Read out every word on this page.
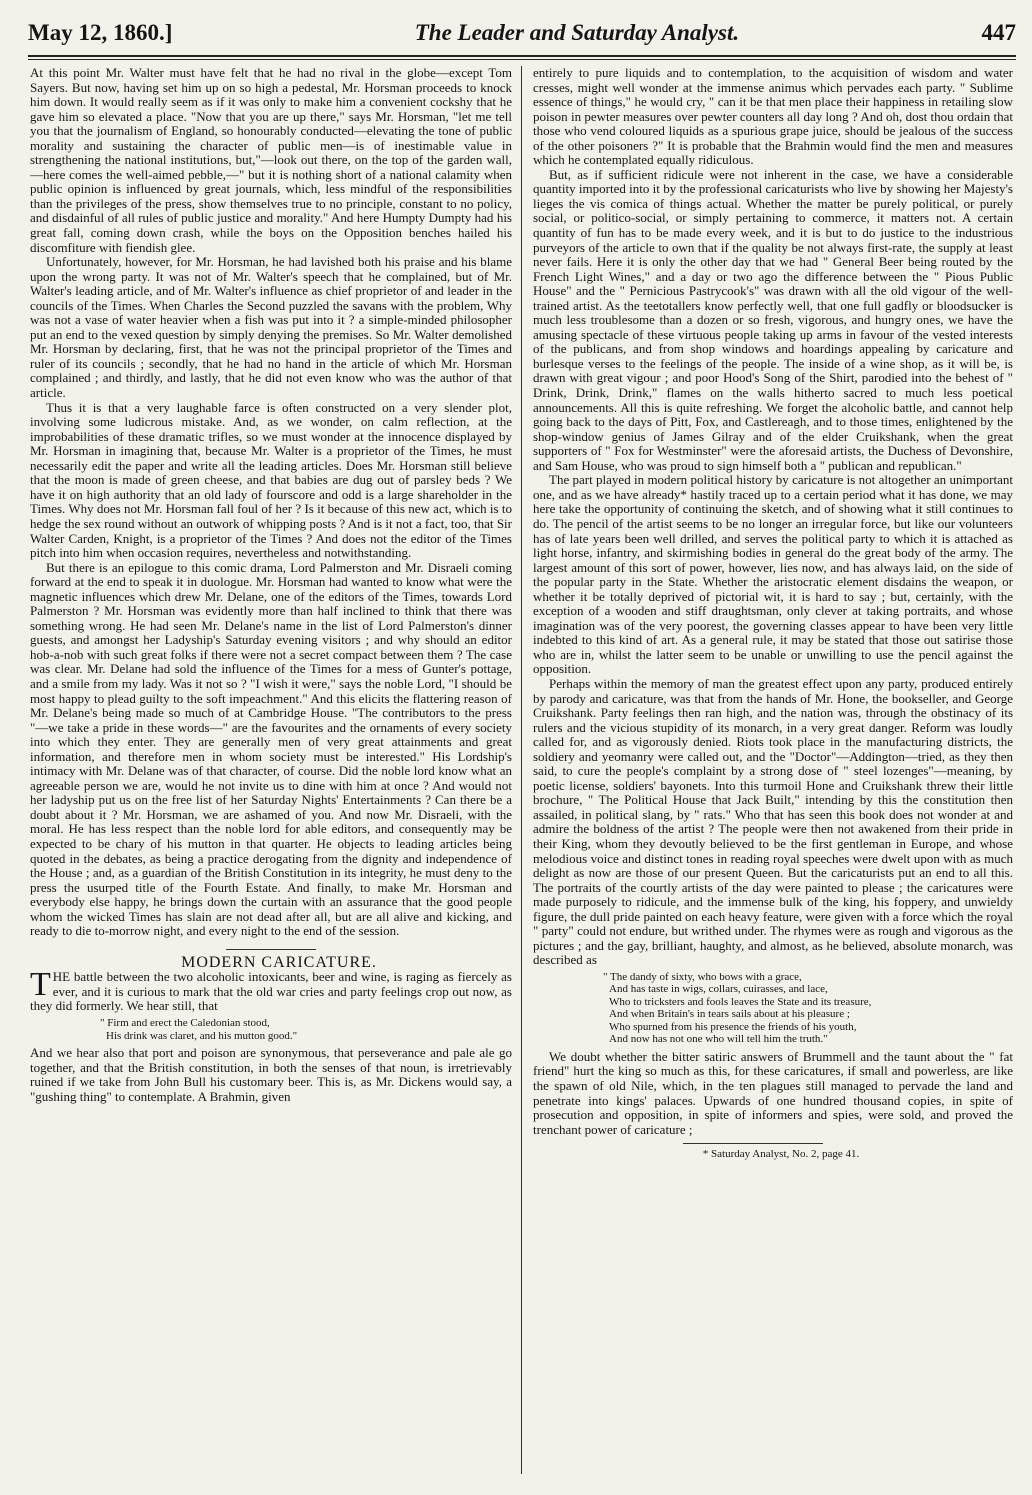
May 12, 1860.]	The Leader and Saturday Analyst.	447

At this point Mr. Walter must have felt that he had no rival in the globe—except Tom Sayers. But now, having set him up on so high a pedestal, Mr. Horsman proceeds to knock him down. It would really seem as if it was only to make him a convenient cockshy that he gave him so elevated a place. "Now that you are up there," says Mr. Horsman, "let me tell you that the journalism of England, so honourably conducted—elevating the tone of public morality and sustaining the character of public men—is of inestimable value in strengthening the national institutions, but,"—look out there, on the top of the garden wall,—here comes the well-aimed pebble,—" but it is nothing short of a national calamity when public opinion is influenced by great journals, which, less mindful of the responsibilities than the privileges of the press, show themselves true to no principle, constant to no policy, and disdainful of all rules of public justice and morality." And here Humpty Dumpty had his great fall, coming down crash, while the boys on the Opposition benches hailed his discomfiture with fiendish glee.

Unfortunately, however, for Mr. Horsman, he had lavished both his praise and his blame upon the wrong party. It was not of Mr. Walter's speech that he complained, but of Mr. Walter's leading article, and of Mr. Walter's influence as chief proprietor of and leader in the councils of the Times. When Charles the Second puzzled the savans with the problem, Why was not a vase of water heavier when a fish was put into it ? a simple-minded philosopher put an end to the vexed question by simply denying the premises. So Mr. Walter demolished Mr. Horsman by declaring, first, that he was not the principal proprietor of the Times and ruler of its councils ; secondly, that he had no hand in the article of which Mr. Horsman complained ; and thirdly, and lastly, that he did not even know who was the author of that article.

Thus it is that a very laughable farce is often constructed on a very slender plot, involving some ludicrous mistake. And, as we wonder, on calm reflection, at the improbabilities of these dramatic trifles, so we must wonder at the innocence displayed by Mr. Horsman in imagining that, because Mr. Walter is a proprietor of the Times, he must necessarily edit the paper and write all the leading articles. Does Mr. Horsman still believe that the moon is made of green cheese, and that babies are dug out of parsley beds ? We have it on high authority that an old lady of fourscore and odd is a large shareholder in the Times. Why does not Mr. Horsman fall foul of her ? Is it because of this new act, which is to hedge the sex round without an outwork of whipping posts ? And is it not a fact, too, that Sir Walter Carden, Knight, is a proprietor of the Times ? And does not the editor of the Times pitch into him when occasion requires, nevertheless and notwithstanding.

But there is an epilogue to this comic drama, Lord Palmerston and Mr. Disraeli coming forward at the end to speak it in duologue. Mr. Horsman had wanted to know what were the magnetic influences which drew Mr. Delane, one of the editors of the Times, towards Lord Palmerston ? Mr. Horsman was evidently more than half inclined to think that there was something wrong. He had seen Mr. Delane's name in the list of Lord Palmerston's dinner guests, and amongst her Ladyship's Saturday evening visitors ; and why should an editor hob-a-nob with such great folks if there were not a secret compact between them ? The case was clear. Mr. Delane had sold the influence of the Times for a mess of Gunter's pottage, and a smile from my lady. Was it not so ? "I wish it were," says the noble Lord, "I should be most happy to plead guilty to the soft impeachment." And this elicits the flattering reason of Mr. Delane's being made so much of at Cambridge House. "The contributors to the press "—we take a pride in these words—" are the favourites and the ornaments of every society into which they enter. They are generally men of very great attainments and great information, and therefore men in whom society must be interested." His Lordship's intimacy with Mr. Delane was of that character, of course. Did the noble lord know what an agreeable person we are, would he not invite us to dine with him at once ? And would not her ladyship put us on the free list of her Saturday Nights' Entertainments ? Can there be a doubt about it ? Mr. Horsman, we are ashamed of you. And now Mr. Disraeli, with the moral. He has less respect than the noble lord for able editors, and consequently may be expected to be chary of his mutton in that quarter. He objects to leading articles being quoted in the debates, as being a practice derogating from the dignity and independence of the House ; and, as a guardian of the British Constitution in its integrity, he must deny to the press the usurped title of the Fourth Estate. And finally, to make Mr. Horsman and everybody else happy, he brings down the curtain with an assurance that the good people whom the wicked Times has slain are not dead after all, but are all alive and kicking, and ready to die to-morrow night, and every night to the end of the session.

MODERN CARICATURE.

THE battle between the two alcoholic intoxicants, beer and wine, is raging as fiercely as ever, and it is curious to mark that the old war cries and party feelings crop out now, as they did formerly. We hear still, that

" Firm and erect the Caledonian stood,
His drink was claret, and his mutton good."

And we hear also that port and poison are synonymous, that perseverance and pale ale go together, and that the British constitution, in both the senses of that noun, is irretrievably ruined if we take from John Bull his customary beer. This is, as Mr. Dickens would say, a "gushing thing" to contemplate. A Brahmin, given

entirely to pure liquids and to contemplation, to the acquisition of wisdom and water cresses, might well wonder at the immense animus which pervades each party. " Sublime essence of things," he would cry, " can it be that men place their happiness in retailing slow poison in pewter measures over pewter counters all day long ? And oh, dost thou ordain that those who vend coloured liquids as a spurious grape juice, should be jealous of the success of the other poisoners ?" It is probable that the Brahmin would find the men and measures which he contemplated equally ridiculous.

But, as if sufficient ridicule were not inherent in the case, we have a considerable quantity imported into it by the professional caricaturists who live by showing her Majesty's lieges the vis comica of things actual. Whether the matter be purely political, or purely social, or politico-social, or simply pertaining to commerce, it matters not. A certain quantity of fun has to be made every week, and it is but to do justice to the industrious purveyors of the article to own that if the quality be not always first-rate, the supply at least never fails. Here it is only the other day that we had " General Beer being routed by the French Light Wines," and a day or two ago the difference between the " Pious Public House" and the " Pernicious Pastrycook's" was drawn with all the old vigour of the well-trained artist. As the teetotallers know perfectly well, that one full gadfly or bloodsucker is much less troublesome than a dozen or so fresh, vigorous, and hungry ones, we have the amusing spectacle of these virtuous people taking up arms in favour of the vested interests of the publicans, and from shop windows and hoardings appealing by caricature and burlesque verses to the feelings of the people. The inside of a wine shop, as it will be, is drawn with great vigour ; and poor Hood's Song of the Shirt, parodied into the behest of " Drink, Drink, Drink," flames on the walls hitherto sacred to much less poetical announcements. All this is quite refreshing. We forget the alcoholic battle, and cannot help going back to the days of Pitt, Fox, and Castlereagh, and to those times, enlightened by the shop-window genius of James Gilray and of the elder Cruikshank, when the great supporters of " Fox for Westminster" were the aforesaid artists, the Duchess of Devonshire, and Sam House, who was proud to sign himself both a " publican and republican."

The part played in modern political history by caricature is not altogether an unimportant one, and as we have already* hastily traced up to a certain period what it has done, we may here take the opportunity of continuing the sketch, and of showing what it still continues to do. The pencil of the artist seems to be no longer an irregular force, but like our volunteers has of late years been well drilled, and serves the political party to which it is attached as light horse, infantry, and skirmishing bodies in general do the great body of the army. The largest amount of this sort of power, however, lies now, and has always laid, on the side of the popular party in the State. Whether the aristocratic element disdains the weapon, or whether it be totally deprived of pictorial wit, it is hard to say ; but, certainly, with the exception of a wooden and stiff draughtsman, only clever at taking portraits, and whose imagination was of the very poorest, the governing classes appear to have been very little indebted to this kind of art. As a general rule, it may be stated that those out satirise those who are in, whilst the latter seem to be unable or unwilling to use the pencil against the opposition.

Perhaps within the memory of man the greatest effect upon any party, produced entirely by parody and caricature, was that from the hands of Mr. Hone, the bookseller, and George Cruikshank. Party feelings then ran high, and the nation was, through the obstinacy of its rulers and the vicious stupidity of its monarch, in a very great danger. Reform was loudly called for, and as vigorously denied. Riots took place in the manufacturing districts, the soldiery and yeomanry were called out, and the "Doctor"—Addington—tried, as they then said, to cure the people's complaint by a strong dose of " steel lozenges"—meaning, by poetic license, soldiers' bayonets. Into this turmoil Hone and Cruikshank threw their little brochure, " The Political House that Jack Built," intending by this the constitution then assailed, in political slang, by " rats." Who that has seen this book does not wonder at and admire the boldness of the artist ? The people were then not awakened from their pride in their King, whom they devoutly believed to be the first gentleman in Europe, and whose melodious voice and distinct tones in reading royal speeches were dwelt upon with as much delight as now are those of our present Queen. But the caricaturists put an end to all this. The portraits of the courtly artists of the day were painted to please ; the caricatures were made purposely to ridicule, and the immense bulk of the king, his foppery, and unwieldy figure, the dull pride painted on each heavy feature, were given with a force which the royal " party" could not endure, but writhed under. The rhymes were as rough and vigorous as the pictures ; and the gay, brilliant, haughty, and almost, as he believed, absolute monarch, was described as

" The dandy of sixty, who bows with a grace,
And has taste in wigs, collars, cuirasses, and lace,
Who to tricksters and fools leaves the State and its treasure,
And when Britain's in tears sails about at his pleasure ;
Who spurned from his presence the friends of his youth,
And now has not one who will tell him the truth."

We doubt whether the bitter satiric answers of Brummell and the taunt about the " fat friend" hurt the king so much as this, for these caricatures, if small and powerless, are like the spawn of old Nile, which, in the ten plagues still managed to pervade the land and penetrate into kings' palaces. Upwards of one hundred thousand copies, in spite of prosecution and opposition, in spite of informers and spies, were sold, and proved the trenchant power of caricature ;

* Saturday Analyst, No. 2, page 41.
